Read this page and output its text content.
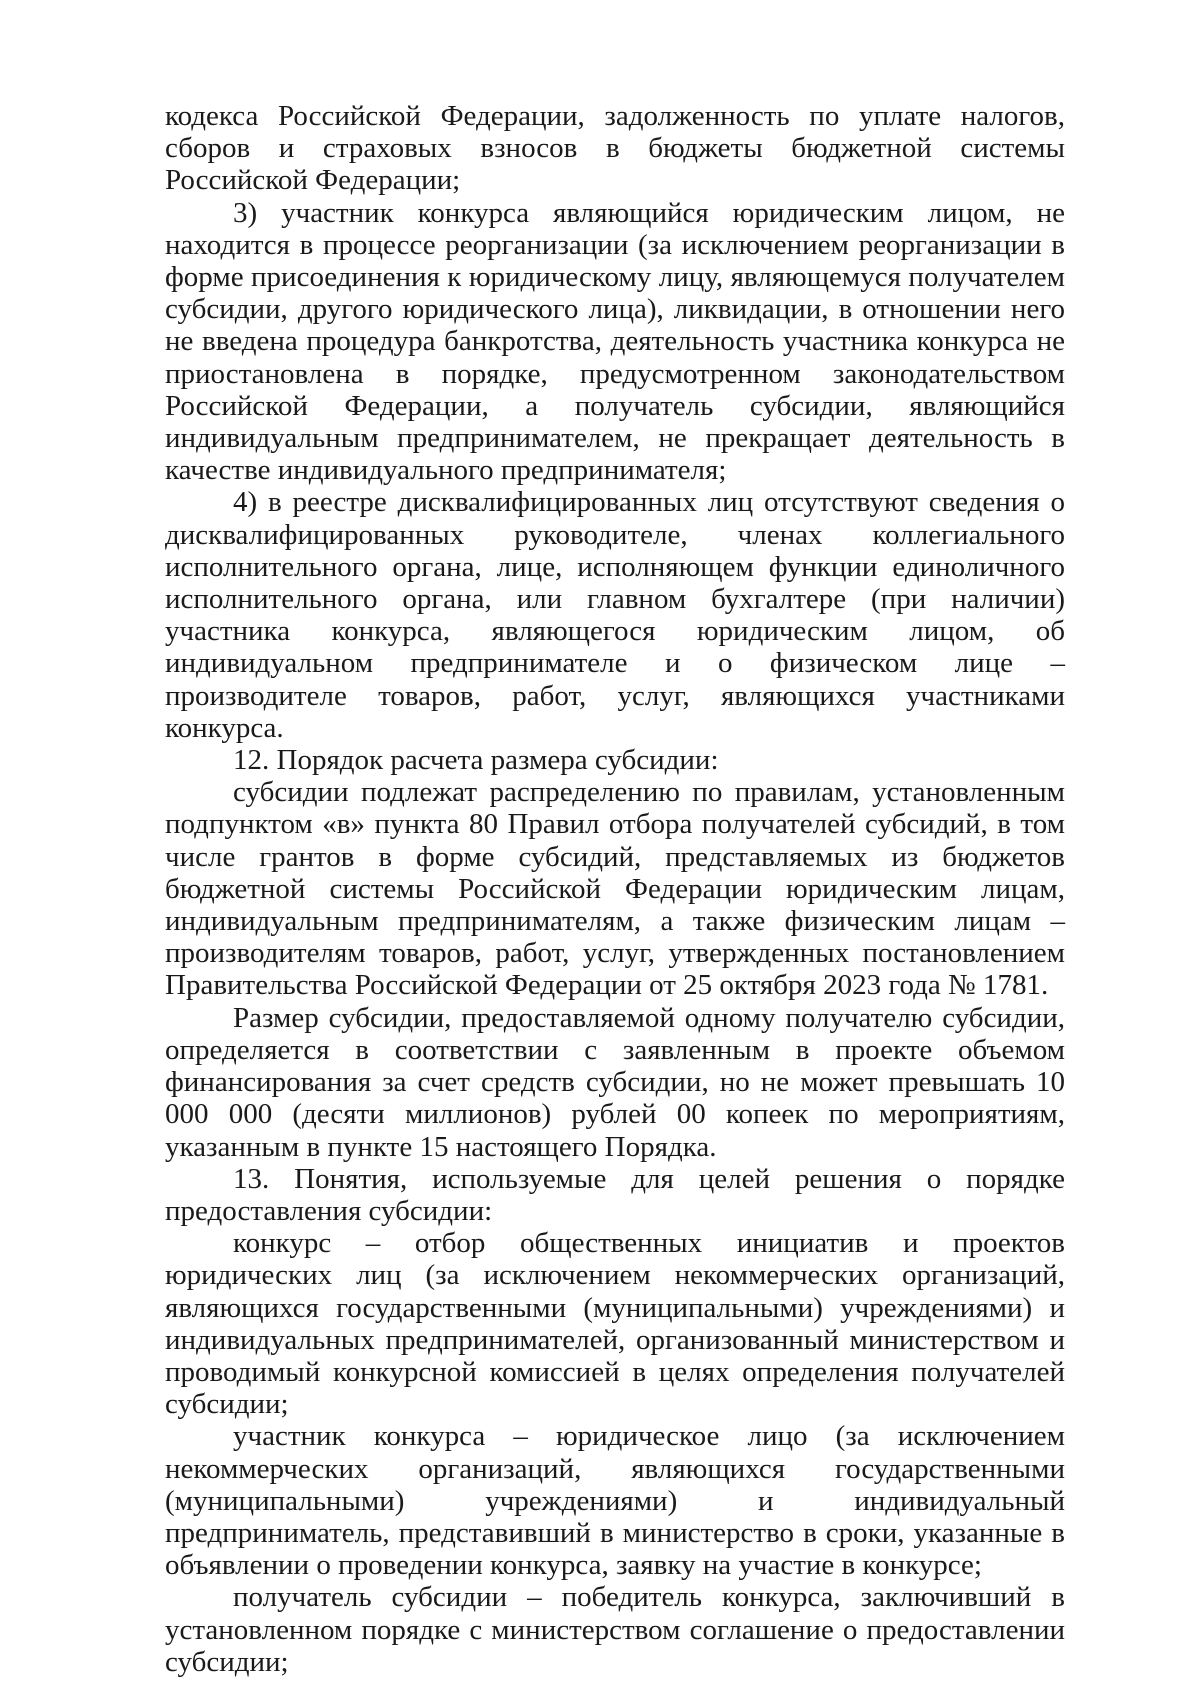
кодекса Российской Федерации, задолженность по уплате налогов, сборов и страховых взносов в бюджеты бюджетной системы Российской Федерации;

3) участник конкурса являющийся юридическим лицом, не находится в процессе реорганизации (за исключением реорганизации в форме присоединения к юридическому лицу, являющемуся получателем субсидии, другого юридического лица), ликвидации, в отношении него не введена процедура банкротства, деятельность участника конкурса не приостановлена в порядке, предусмотренном законодательством Российской Федерации, а получатель субсидии, являющийся индивидуальным предпринимателем, не прекращает деятельность в качестве индивидуального предпринимателя;

4) в реестре дисквалифицированных лиц отсутствуют сведения о дисквалифицированных руководителе, членах коллегиального исполнительного органа, лице, исполняющем функции единоличного исполнительного органа, или главном бухгалтере (при наличии) участника конкурса, являющегося юридическим лицом, об индивидуальном предпринимателе и о физическом лице – производителе товаров, работ, услуг, являющихся участниками конкурса.

12. Порядок расчета размера субсидии:

субсидии подлежат распределению по правилам, установленным подпунктом «в» пункта 80 Правил отбора получателей субсидий, в том числе грантов в форме субсидий, представляемых из бюджетов бюджетной системы Российской Федерации юридическим лицам, индивидуальным предпринимателям, а также физическим лицам – производителям товаров, работ, услуг, утвержденных постановлением Правительства Российской Федерации от 25 октября 2023 года № 1781.

Размер субсидии, предоставляемой одному получателю субсидии, определяется в соответствии с заявленным в проекте объемом финансирования за счет средств субсидии, но не может превышать 10 000 000 (десяти миллионов) рублей 00 копеек по мероприятиям, указанным в пункте 15 настоящего Порядка.

13. Понятия, используемые для целей решения о порядке предоставления субсидии:

конкурс – отбор общественных инициатив и проектов юридических лиц (за исключением некоммерческих организаций, являющихся государственными (муниципальными) учреждениями) и индивидуальных предпринимателей, организованный министерством и проводимый конкурсной комиссией в целях определения получателей субсидии;

участник конкурса – юридическое лицо (за исключением некоммерческих организаций, являющихся государственными (муниципальными) учреждениями) и индивидуальный предприниматель, представивший в министерство в сроки, указанные в объявлении о проведении конкурса, заявку на участие в конкурсе;

получатель субсидии – победитель конкурса, заключивший в установленном порядке с министерством соглашение о предоставлении субсидии;
